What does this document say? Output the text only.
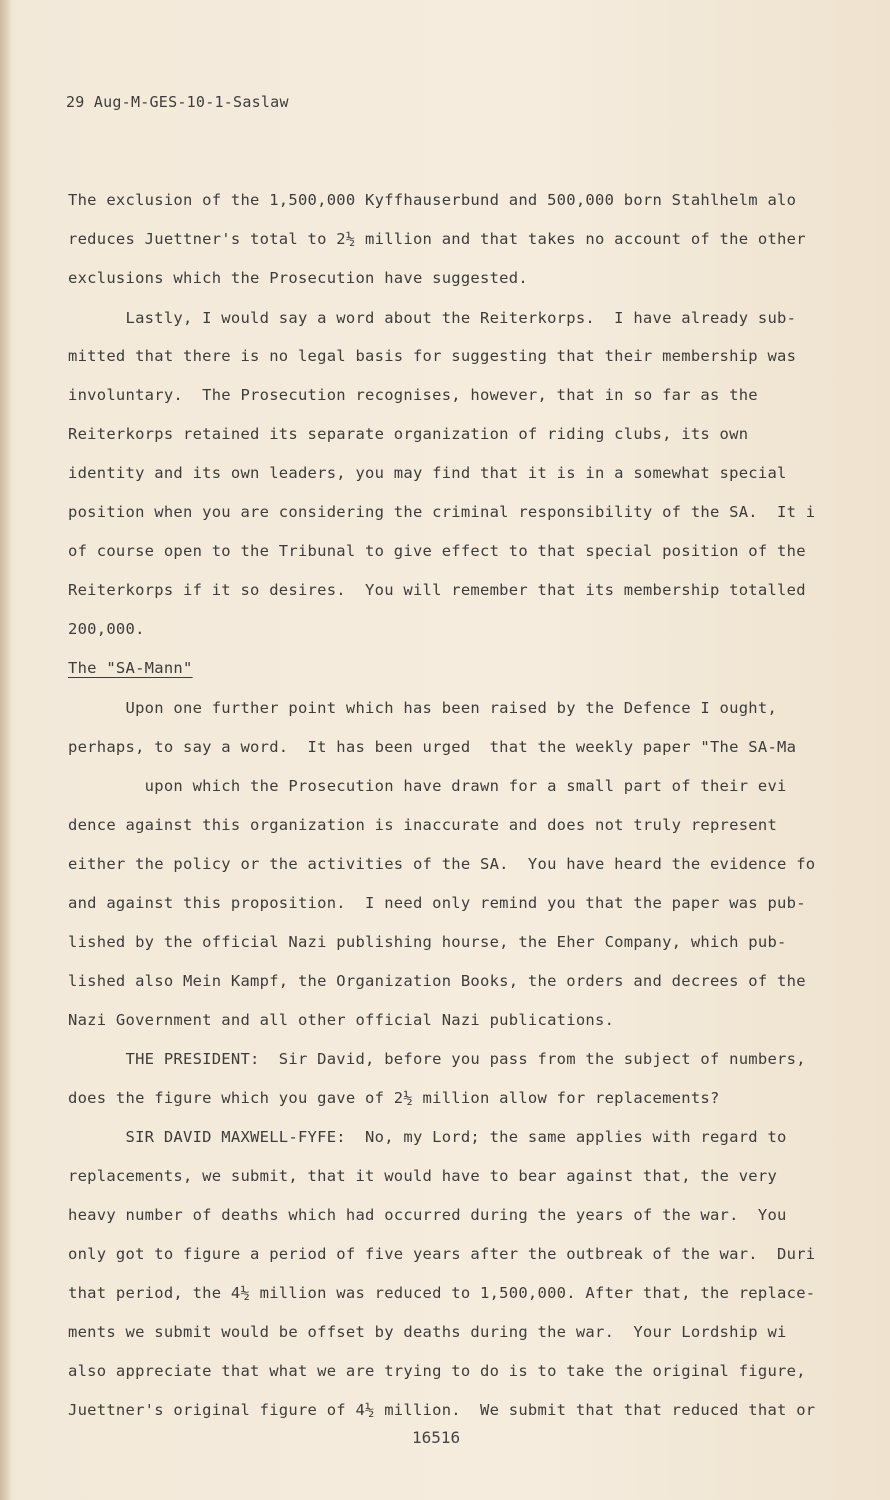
29 Aug-M-GES-10-1-Saslaw
The exclusion of the 1,500,000 Kyffhauserbund and 500,000 born Stahlhelm alo
reduces Juettner's total to 2½ million and that takes no account of the other
exclusions which the Prosecution have suggested.
Lastly, I would say a word about the Reiterkorps.  I have already sub-
mitted that there is no legal basis for suggesting that their membership was
involuntary.  The Prosecution recognises, however, that in so far as the
Reiterkorps retained its separate organization of riding clubs, its own
identity and its own leaders, you may find that it is in a somewhat special
position when you are considering the criminal responsibility of the SA.  It i
of course open to the Tribunal to give effect to that special position of the
Reiterkorps if it so desires.  You will remember that its membership totalled
200,000.
The "SA-Mann"
Upon one further point which has been raised by the Defence I ought,
perhaps, to say a word.  It has been urged  that the weekly paper "The SA-Ma
upon which the Prosecution have drawn for a small part of their evi
dence against this organization is inaccurate and does not truly represent
either the policy or the activities of the SA.  You have heard the evidence fo
and against this proposition.  I need only remind you that the paper was pub-
lished by the official Nazi publishing hourse, the Eher Company, which pub-
lished also Mein Kampf, the Organization Books, the orders and decrees of the
Nazi Government and all other official Nazi publications.
THE PRESIDENT:  Sir David, before you pass from the subject of numbers,
does the figure which you gave of 2½ million allow for replacements?
SIR DAVID MAXWELL-FYFE:  No, my Lord; the same applies with regard to
replacements, we submit, that it would have to bear against that, the very
heavy number of deaths which had occurred during the years of the war.  You
only got to figure a period of five years after the outbreak of the war.  Duri
that period, the 4½ million was reduced to 1,500,000. After that, the replace-
ments we submit would be offset by deaths during the war.  Your Lordship wi
also appreciate that what we are trying to do is to take the original figure,
Juettner's original figure of 4½ million.  We submit that that reduced that or
16516
